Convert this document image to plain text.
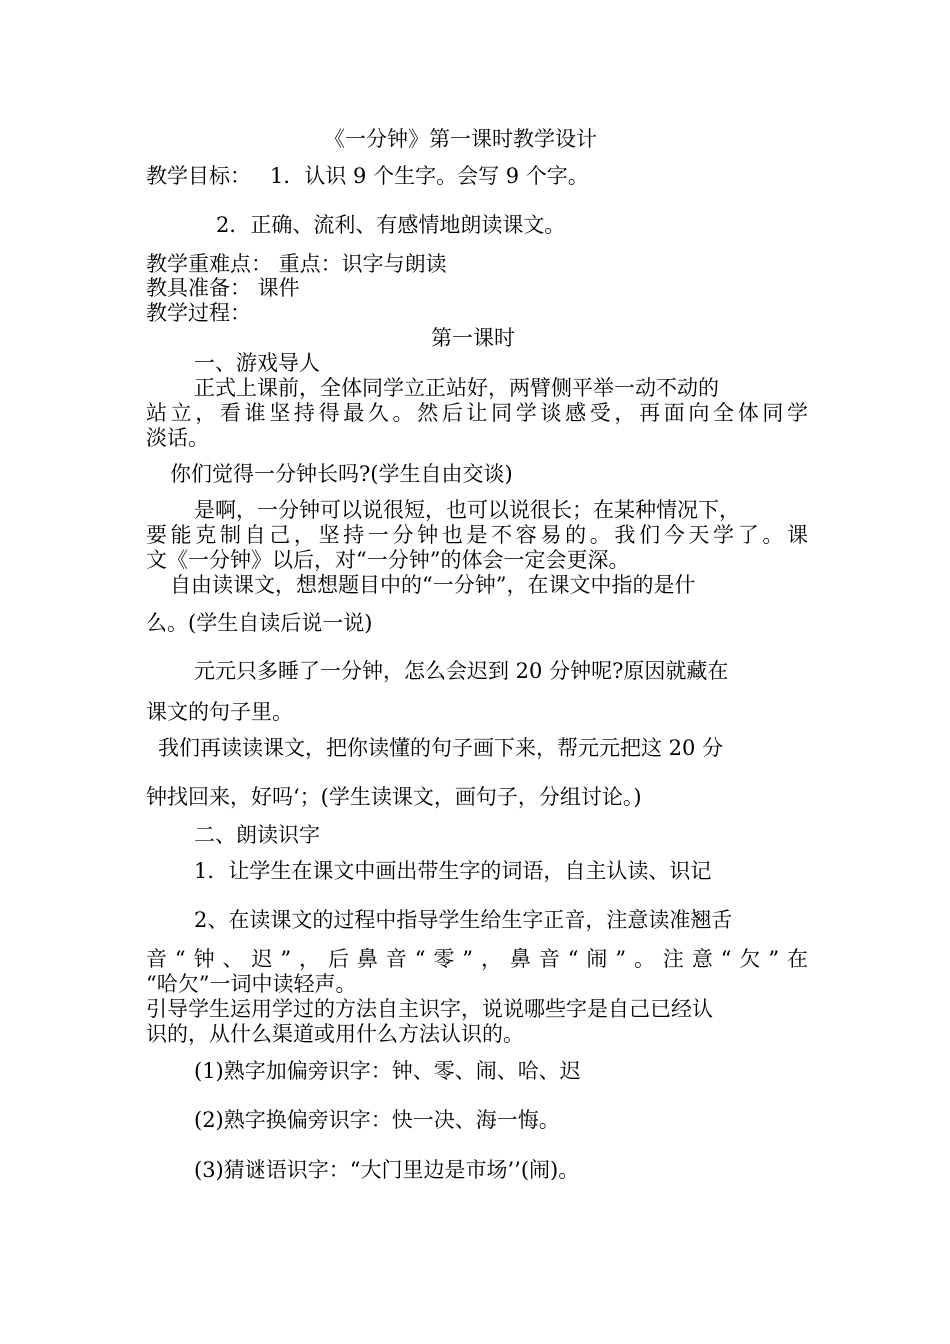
《一分钟》第一课时教学设计
教学目标： 1．认识 9 个生字。会写 9 个字。
2．正确、流利、有感情地朗读课文。
教学重难点： 重点：识字与朗读
教具准备： 课件
教学过程：
第一课时
一、游戏导人
正式上课前，全体同学立正站好，两臂侧平举一动不动的
站立，看谁坚持得最久。然后让同学谈感受，再面向全体同学
淡话。
你们觉得一分钟长吗?(学生自由交谈)
是啊，一分钟可以说很短，也可以说很长；在某种情况下，
要能克制自己，坚持一分钟也是不容易的。我们今天学了。课
文《一分钟》以后，对“一分钟”的体会一定会更深。
自由读课文，想想题目中的“一分钟”，在课文中指的是什
么。(学生自读后说一说)
元元只多睡了一分钟，怎么会迟到 20 分钟呢?原因就藏在
课文的句子里。
我们再读读课文，把你读懂的句子画下来，帮元元把这 20 分
钟找回来，好吗‘；(学生读课文，画句子，分组讨论。)
二、朗读识字
1．让学生在课文中画出带生字的词语，自主认读、识记
2、在读课文的过程中指导学生给生字正音，注意读准翘舌
音“钟、迟”，后鼻音“零”，鼻音“闹”。注意“欠”在
“哈欠”一词中读轻声。
引导学生运用学过的方法自主识字，说说哪些字是自己已经认
识的，从什么渠道或用什么方法认识的。
(1)熟字加偏旁识字：钟、零、闹、哈、迟
(2)熟字换偏旁识字：快一决、海一悔。
(3)猜谜语识字：“大门里边是市场’’(闹)。
